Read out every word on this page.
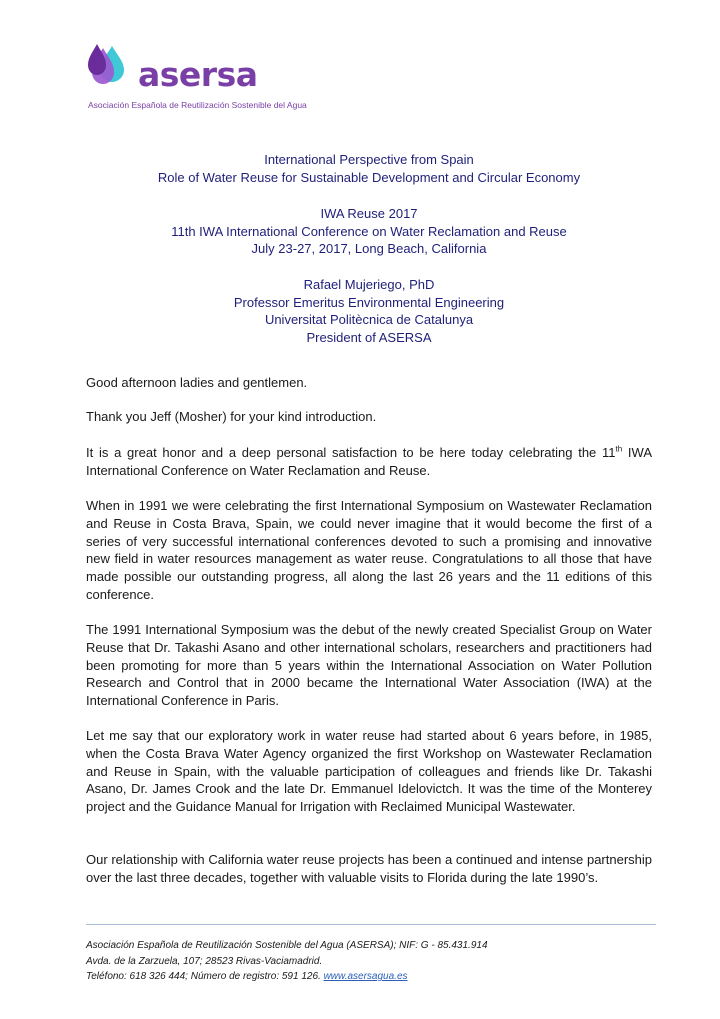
asersa
Asociación Española de Reutilización Sostenible del Agua
International Perspective from Spain
Role of Water Reuse for Sustainable Development and Circular Economy
IWA Reuse 2017
11th IWA International Conference on Water Reclamation and Reuse
July 23-27, 2017, Long Beach, California
Rafael Mujeriego, PhD
Professor Emeritus Environmental Engineering
Universitat Politècnica de Catalunya
President of ASERSA

Good afternoon ladies and gentlemen.

Thank you Jeff (Mosher) for your kind introduction.

It is a great honor and a deep personal satisfaction to be here today celebrating the 11th IWA International Conference on Water Reclamation and Reuse.

When in 1991 we were celebrating the first International Symposium on Wastewater Reclamation and Reuse in Costa Brava, Spain, we could never imagine that it would become the first of a series of very successful international conferences devoted to such a promising and innovative new field in water resources management as water reuse. Congratulations to all those that have made possible our outstanding progress, all along the last 26 years and the 11 editions of this conference.

The 1991 International Symposium was the debut of the newly created Specialist Group on Water Reuse that Dr. Takashi Asano and other international scholars, researchers and practitioners had been promoting for more than 5 years within the International Association on Water Pollution Research and Control that in 2000 became the International Water Association (IWA) at the International Conference in Paris.

Let me say that our exploratory work in water reuse had started about 6 years before, in 1985, when the Costa Brava Water Agency organized the first Workshop on Wastewater Reclamation and Reuse in Spain, with the valuable participation of colleagues and friends like Dr. Takashi Asano, Dr. James Crook and the late Dr. Emmanuel Idelovictch. It was the time of the Monterey project and the Guidance Manual for Irrigation with Reclaimed Municipal Wastewater.

Our relationship with California water reuse projects has been a continued and intense partnership over the last three decades, together with valuable visits to Florida during the late 1990’s.

Asociación Española de Reutilización Sostenible del Agua (ASERSA); NIF: G - 85.431.914
Avda. de la Zarzuela, 107; 28523 Rivas-Vaciamadrid.
Teléfono: 618 326 444; Número de registro: 591 126. www.asersagua.es
